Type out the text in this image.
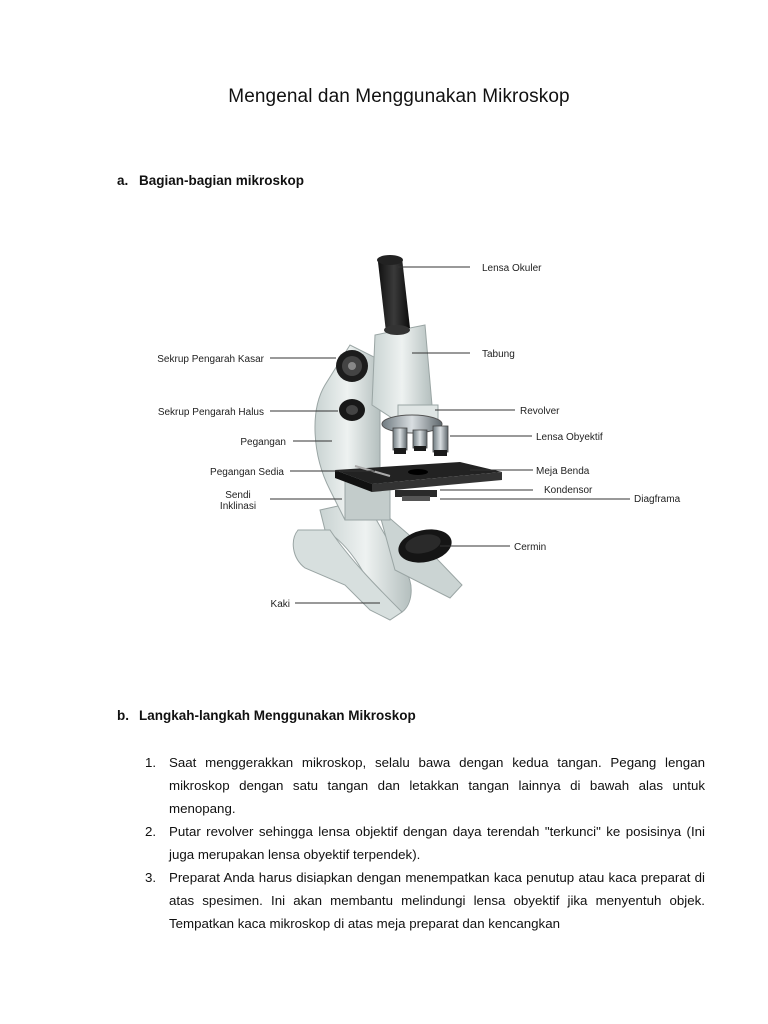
Mengenal dan Menggunakan Mikroskop
a. Bagian-bagian mikroskop
Lensa Okuler
Tabung
Sekrup Pengarah Kasar
Sekrup Pengarah Halus	Revolver
Pegangan	Lensa Obyektif
Pegangan Sedia	Meja Benda
Kondensor
Sendi
Inklinasi
Diagframa
Cermin
Kaki
b. Langkah-langkah Menggunakan Mikroskop
1. Saat menggerakkan mikroskop, selalu bawa dengan kedua tangan. Pegang lengan mikroskop dengan satu tangan dan letakkan tangan lainnya di bawah alas untuk menopang.
2. Putar revolver sehingga lensa objektif dengan daya terendah "terkunci" ke posisinya (Ini juga merupakan lensa obyektif terpendek).
3. Preparat Anda harus disiapkan dengan menempatkan kaca penutup atau kaca preparat di atas spesimen. Ini akan membantu melindungi lensa obyektif jika menyentuh objek. Tempatkan kaca mikroskop di atas meja preparat dan kencangkan
